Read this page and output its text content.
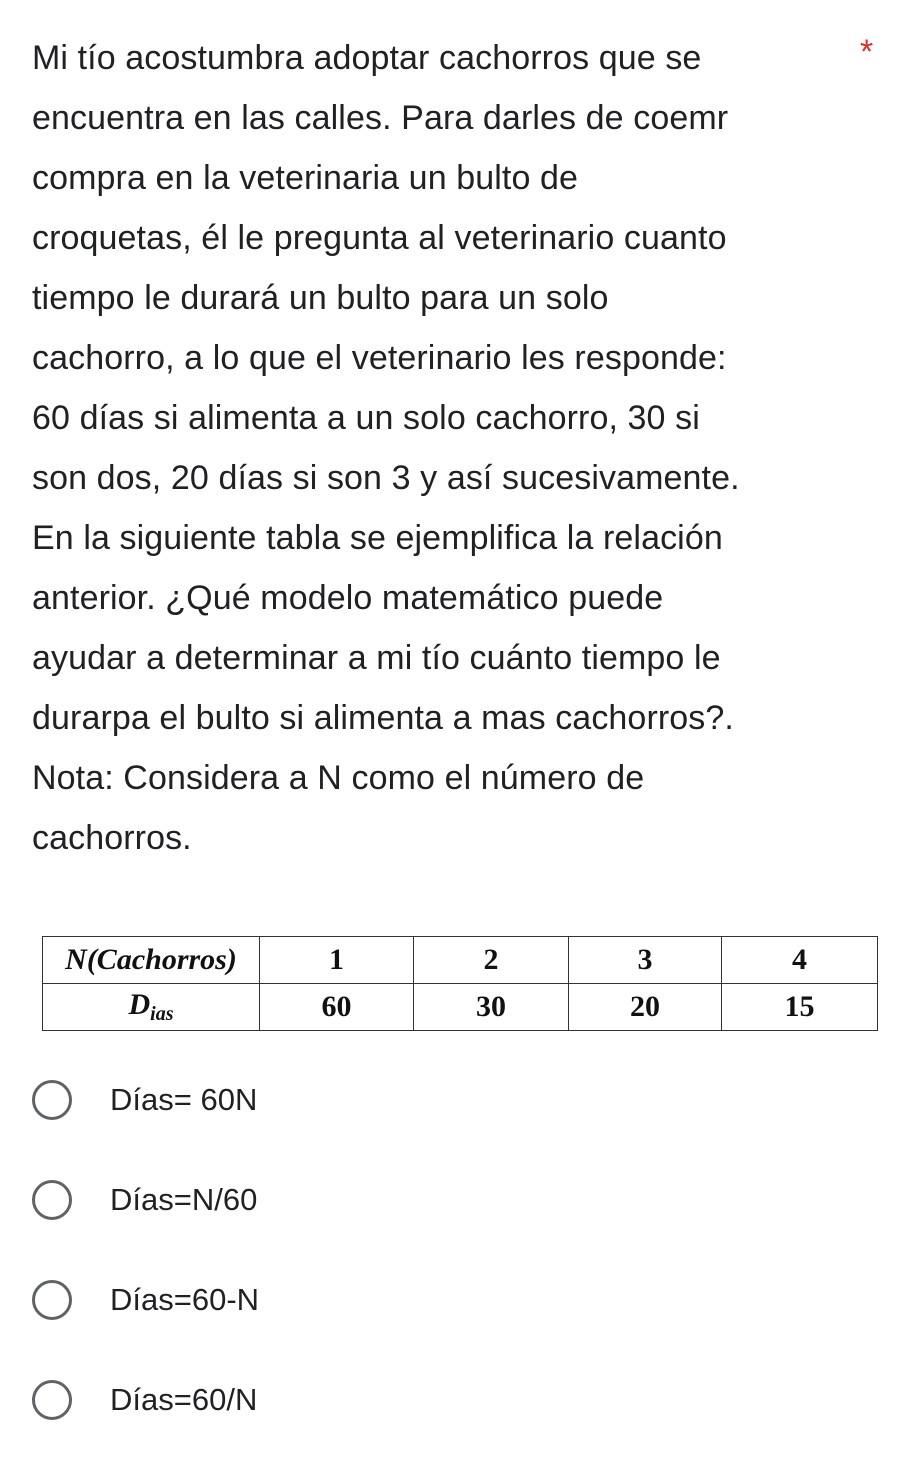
Mi tío acostumbra adoptar cachorros que se
encuentra en las calles. Para darles de coemr
compra en la veterinaria un bulto de
croquetas, él le pregunta al veterinario cuanto
tiempo le durará un bulto para un solo
cachorro, a lo que el veterinario les responde:
60 días si alimenta a un solo cachorro, 30 si
son dos, 20 días si son 3 y así sucesivamente.
En la siguiente tabla se ejemplifica la relación
anterior. ¿Qué modelo matemático puede
ayudar a determinar a mi tío cuánto tiempo le
durarpa el bulto si alimenta a mas cachorros?.
Nota: Considera a N como el número de
cachorros.
*
N(Cachorros)	1	2	3	4
$D_{ias}$	60	30	20	15
Días= 60N
Días=N/60
Días=60-N
Días=60/N
